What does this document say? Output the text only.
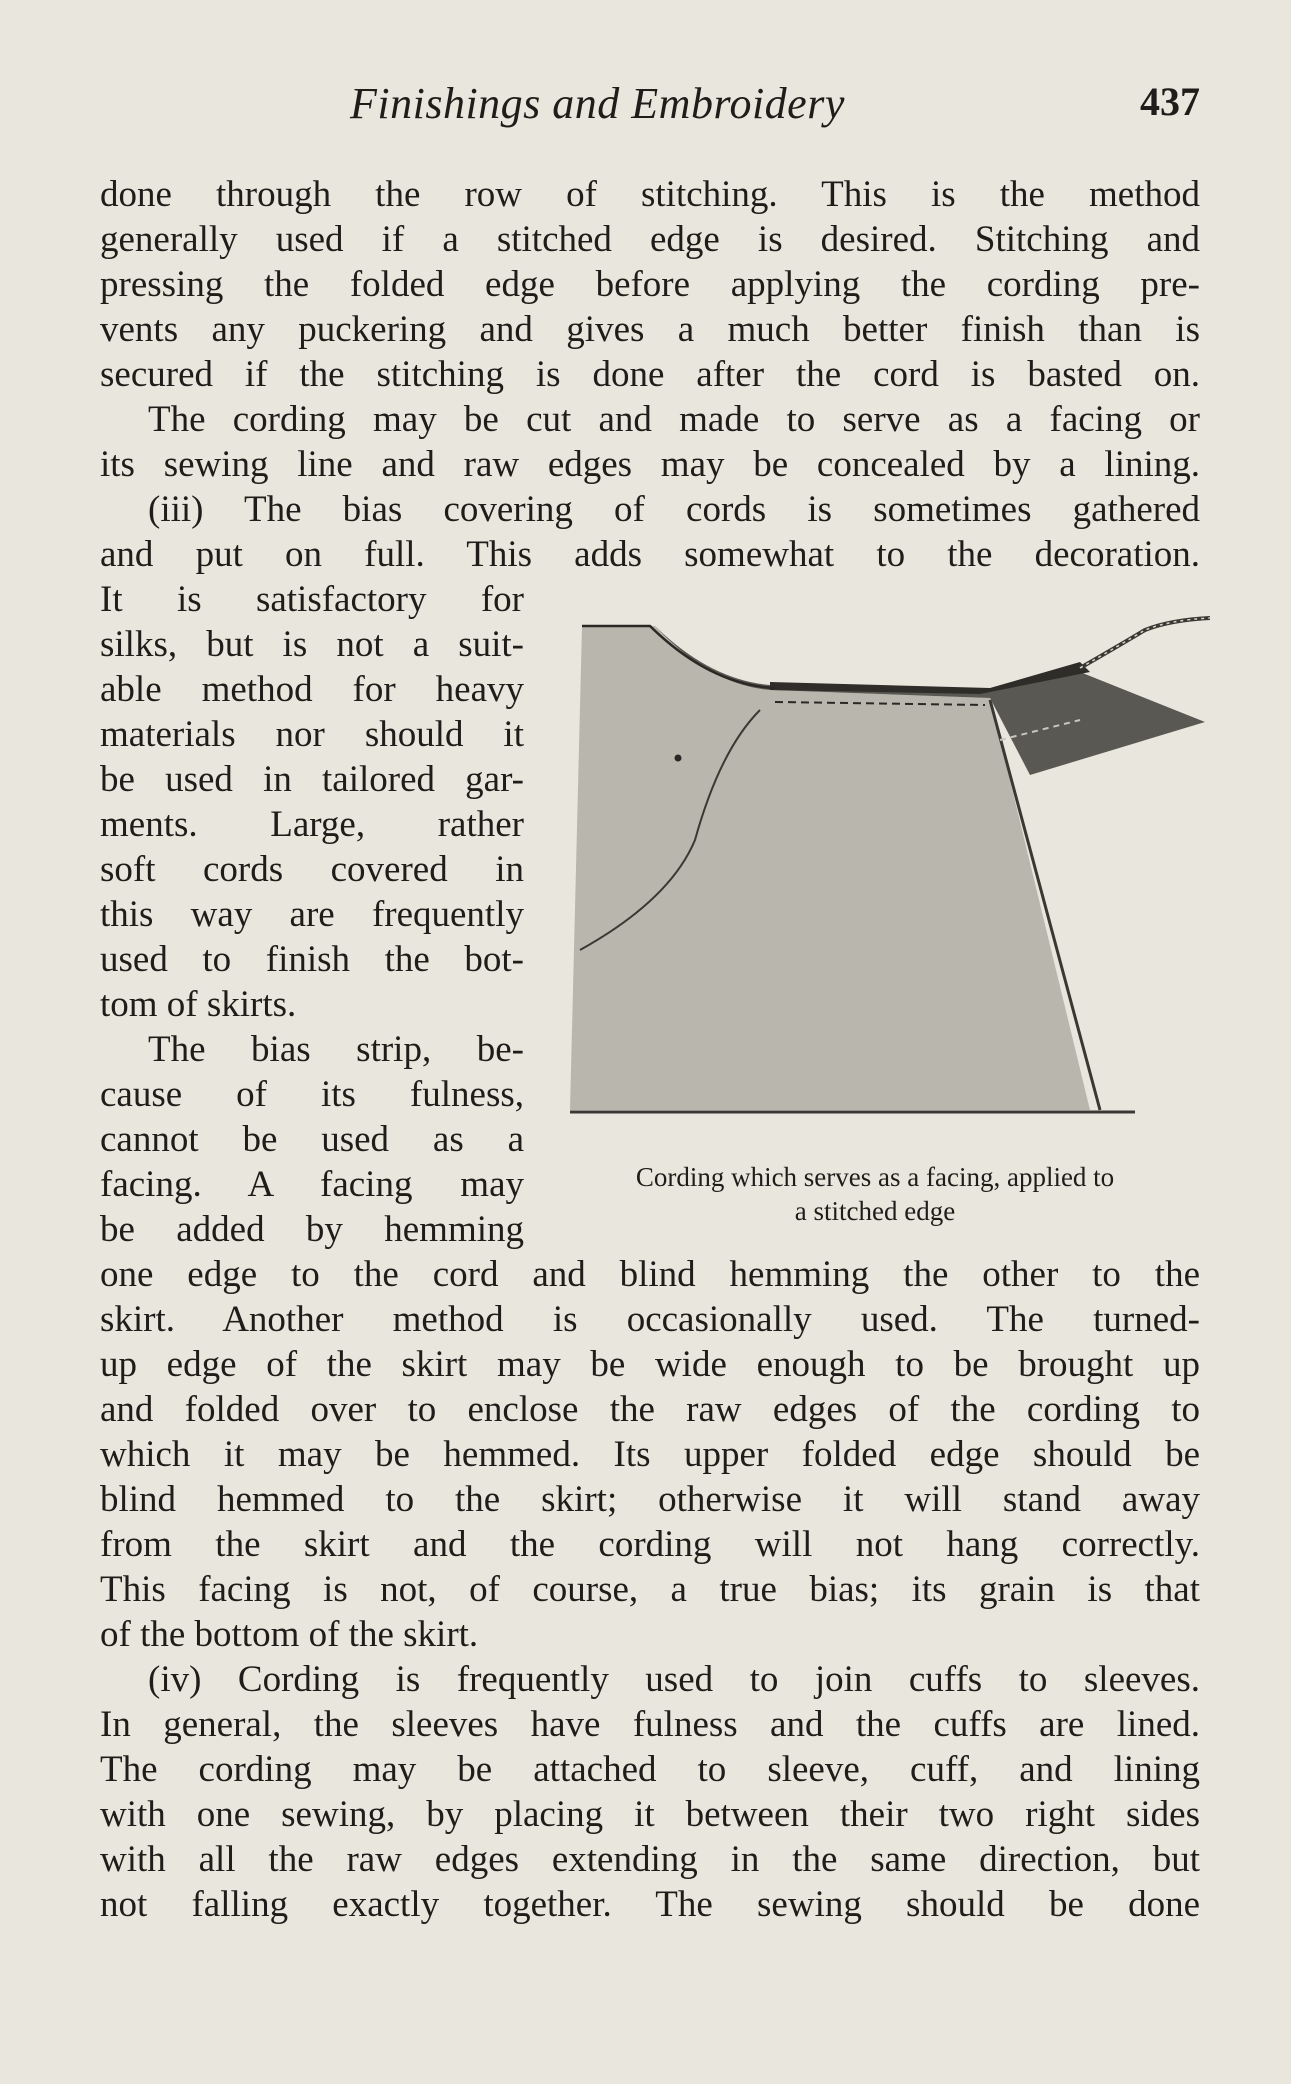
Finishings and Embroidery	437
done through the row of stitching. This is the method
generally used if a stitched edge is desired. Stitching and
pressing the folded edge before applying the cording pre-
vents any puckering and gives a much better finish than is
secured if the stitching is done after the cord is basted on.
The cording may be cut and made to serve as a facing or
its sewing line and raw edges may be concealed by a lining.
(iii) The bias covering of cords is sometimes gathered
and put on full. This adds somewhat to the decoration.
It is satisfactory for
silks, but is not a suit-
able method for heavy
materials nor should it
be used in tailored gar-
ments. Large, rather
soft cords covered in
this way are frequently
used to finish the bot-
tom of skirts.
The bias strip, be-
cause of its fulness,
cannot be used as a
facing. A facing may
be added by hemming
one edge to the cord and blind hemming the other to the
skirt. Another method is occasionally used. The turned-
up edge of the skirt may be wide enough to be brought up
and folded over to enclose the raw edges of the cording to
which it may be hemmed. Its upper folded edge should be
blind hemmed to the skirt; otherwise it will stand away
from the skirt and the cording will not hang correctly.
This facing is not, of course, a true bias; its grain is that
of the bottom of the skirt.
(iv) Cording is frequently used to join cuffs to sleeves.
In general, the sleeves have fulness and the cuffs are lined.
The cording may be attached to sleeve, cuff, and lining
with one sewing, by placing it between their two right sides
with all the raw edges extending in the same direction, but
not falling exactly together. The sewing should be done
Cording which serves as a facing, applied to
a stitched edge
